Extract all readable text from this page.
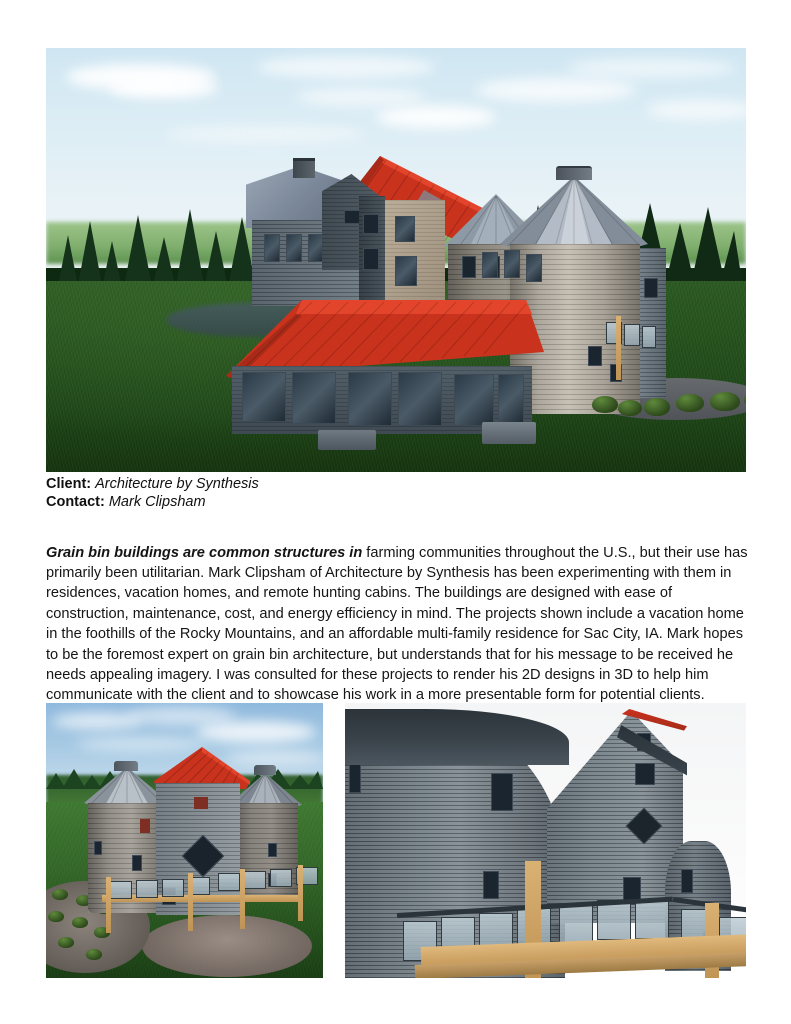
Client: Architecture by Synthesis
Contact: Mark Clipsham

Grain bin buildings are common structures in farming communities throughout the U.S., but their use has primarily been utilitarian. Mark Clipsham of Architecture by Synthesis has been experimenting with them in residences, vacation homes, and remote hunting cabins. The buildings are designed with ease of construction, maintenance, cost, and energy efficiency in mind. The projects shown include a vacation home in the foothills of the Rocky Mountains, and an affordable multi-family residence for Sac City, IA. Mark hopes to be the foremost expert on grain bin architecture, but understands that for his message to be received he needs appealing imagery. I was consulted for these projects to render his 2D designs in 3D to help him communicate with the client and to showcase his work in a more presentable form for potential clients.
